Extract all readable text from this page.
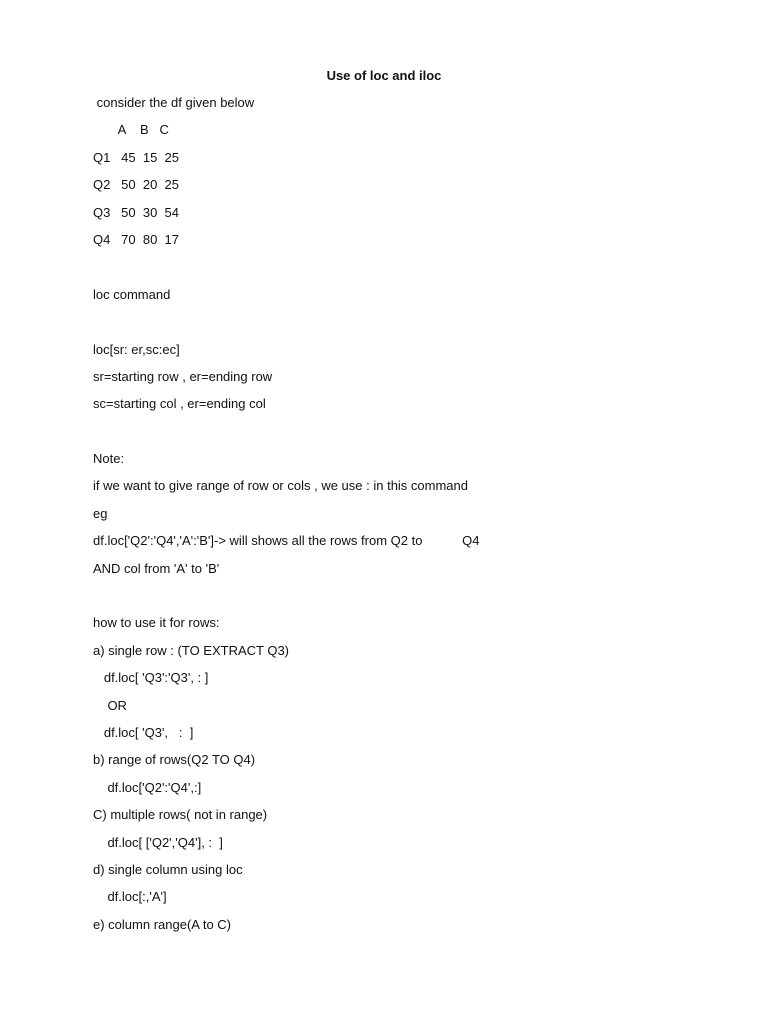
Use of loc and iloc
consider the df given below
A    B   C
Q1   45  15  25
Q2   50  20  25
Q3   50  30  54
Q4   70  80  17
loc command
loc[sr: er,sc:ec]
sr=starting row , er=ending row
sc=starting col , er=ending col
Note:
if we want to give range of row or cols , we use : in this command
eg
df.loc['Q2':'Q4','A':'B']-> will shows all the rows from Q2 to           Q4
AND col from 'A' to 'B'
how to use it for rows:
a) single row : (TO EXTRACT Q3)
df.loc[ 'Q3':'Q3', : ]
OR
df.loc[ 'Q3',   :  ]
b) range of rows(Q2 TO Q4)
df.loc['Q2':'Q4',:]
C) multiple rows( not in range)
df.loc[ ['Q2','Q4'], :  ]
d) single column using loc
df.loc[:,'A']
e) column range(A to C)
